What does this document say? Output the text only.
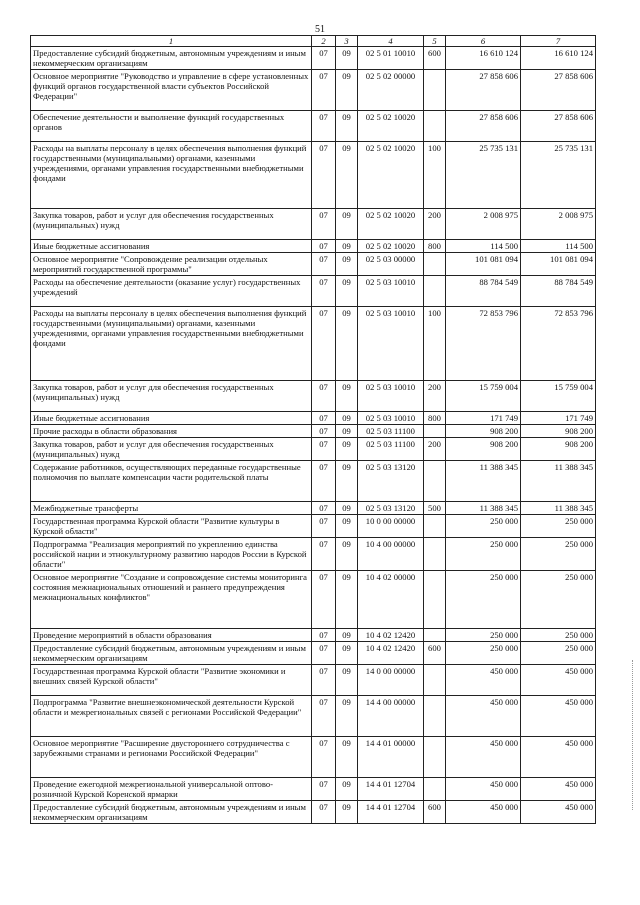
51
1	2	3	4	5	6	7
Предоставление субсидий бюджетным, автономным учреждениям и иным некоммерческим организациям	07	09	02 5 01 10010	600	16 610 124	16 610 124
Основное мероприятие "Руководство и управление в сфере установленных функций органов государственной власти субъектов Российской Федерации"	07	09	02 5 02 00000		27 858 606	27 858 606
Обеспечение деятельности и выполнение функций государственных органов	07	09	02 5 02 10020		27 858 606	27 858 606
Расходы на выплаты персоналу в целях обеспечения выполнения функций государственными (муниципальными) органами, казенными учреждениями, органами управления государственными внебюджетными фондами	07	09	02 5 02 10020	100	25 735 131	25 735 131
Закупка товаров, работ и услуг для обеспечения государственных (муниципальных) нужд	07	09	02 5 02 10020	200	2 008 975	2 008 975
Иные бюджетные ассигнования	07	09	02 5 02 10020	800	114 500	114 500
Основное мероприятие "Сопровождение реализации отдельных мероприятий государственной программы"	07	09	02 5 03 00000		101 081 094	101 081 094
Расходы на обеспечение деятельности (оказание услуг) государственных учреждений	07	09	02 5 03 10010		88 784 549	88 784 549
Расходы на выплаты персоналу в целях обеспечения выполнения функций государственными (муниципальными) органами, казенными учреждениями, органами управления государственными внебюджетными фондами	07	09	02 5 03 10010	100	72 853 796	72 853 796
Закупка товаров, работ и услуг для обеспечения государственных (муниципальных) нужд	07	09	02 5 03 10010	200	15 759 004	15 759 004
Иные бюджетные ассигнования	07	09	02 5 03 10010	800	171 749	171 749
Прочие расходы в области образования	07	09	02 5 03 11100		908 200	908 200
Закупка товаров, работ и услуг для обеспечения государственных (муниципальных) нужд	07	09	02 5 03 11100	200	908 200	908 200
Содержание работников, осуществляющих переданные государственные полномочия по выплате компенсации части родительской платы	07	09	02 5 03 13120		11 388 345	11 388 345
Межбюджетные трансферты	07	09	02 5 03 13120	500	11 388 345	11 388 345
Государственная программа Курской области "Развитие культуры в Курской области"	07	09	10 0 00 00000		250 000	250 000
Подпрограмма "Реализация мероприятий по укреплению единства российской нации и этнокультурному развитию народов России в Курской области"	07	09	10 4 00 00000		250 000	250 000
Основное мероприятие "Создание и сопровождение системы мониторинга состояния межнациональных отношений и раннего предупреждения межнациональных конфликтов"	07	09	10 4 02 00000		250 000	250 000
Проведение мероприятий в области образования	07	09	10 4 02 12420		250 000	250 000
Предоставление субсидий бюджетным, автономным учреждениям и иным некоммерческим организациям	07	09	10 4 02 12420	600	250 000	250 000
Государственная программа Курской области "Развитие экономики и внешних связей Курской области"	07	09	14 0 00 00000		450 000	450 000
Подпрограмма "Развитие внешнеэкономической деятельности Курской области и межрегиональных связей с регионами Российской Федерации"	07	09	14 4 00 00000		450 000	450 000
Основное мероприятие "Расширение двустороннего сотрудничества с зарубежными странами и регионами Российской Федерации"	07	09	14 4 01 00000		450 000	450 000
Проведение ежегодной межрегиональной универсальной оптово-розничной Курской Коренской ярмарки	07	09	14 4 01 12704		450 000	450 000
Предоставление субсидий бюджетным, автономным учреждениям и иным некоммерческим организациям	07	09	14 4 01 12704	600	450 000	450 000
